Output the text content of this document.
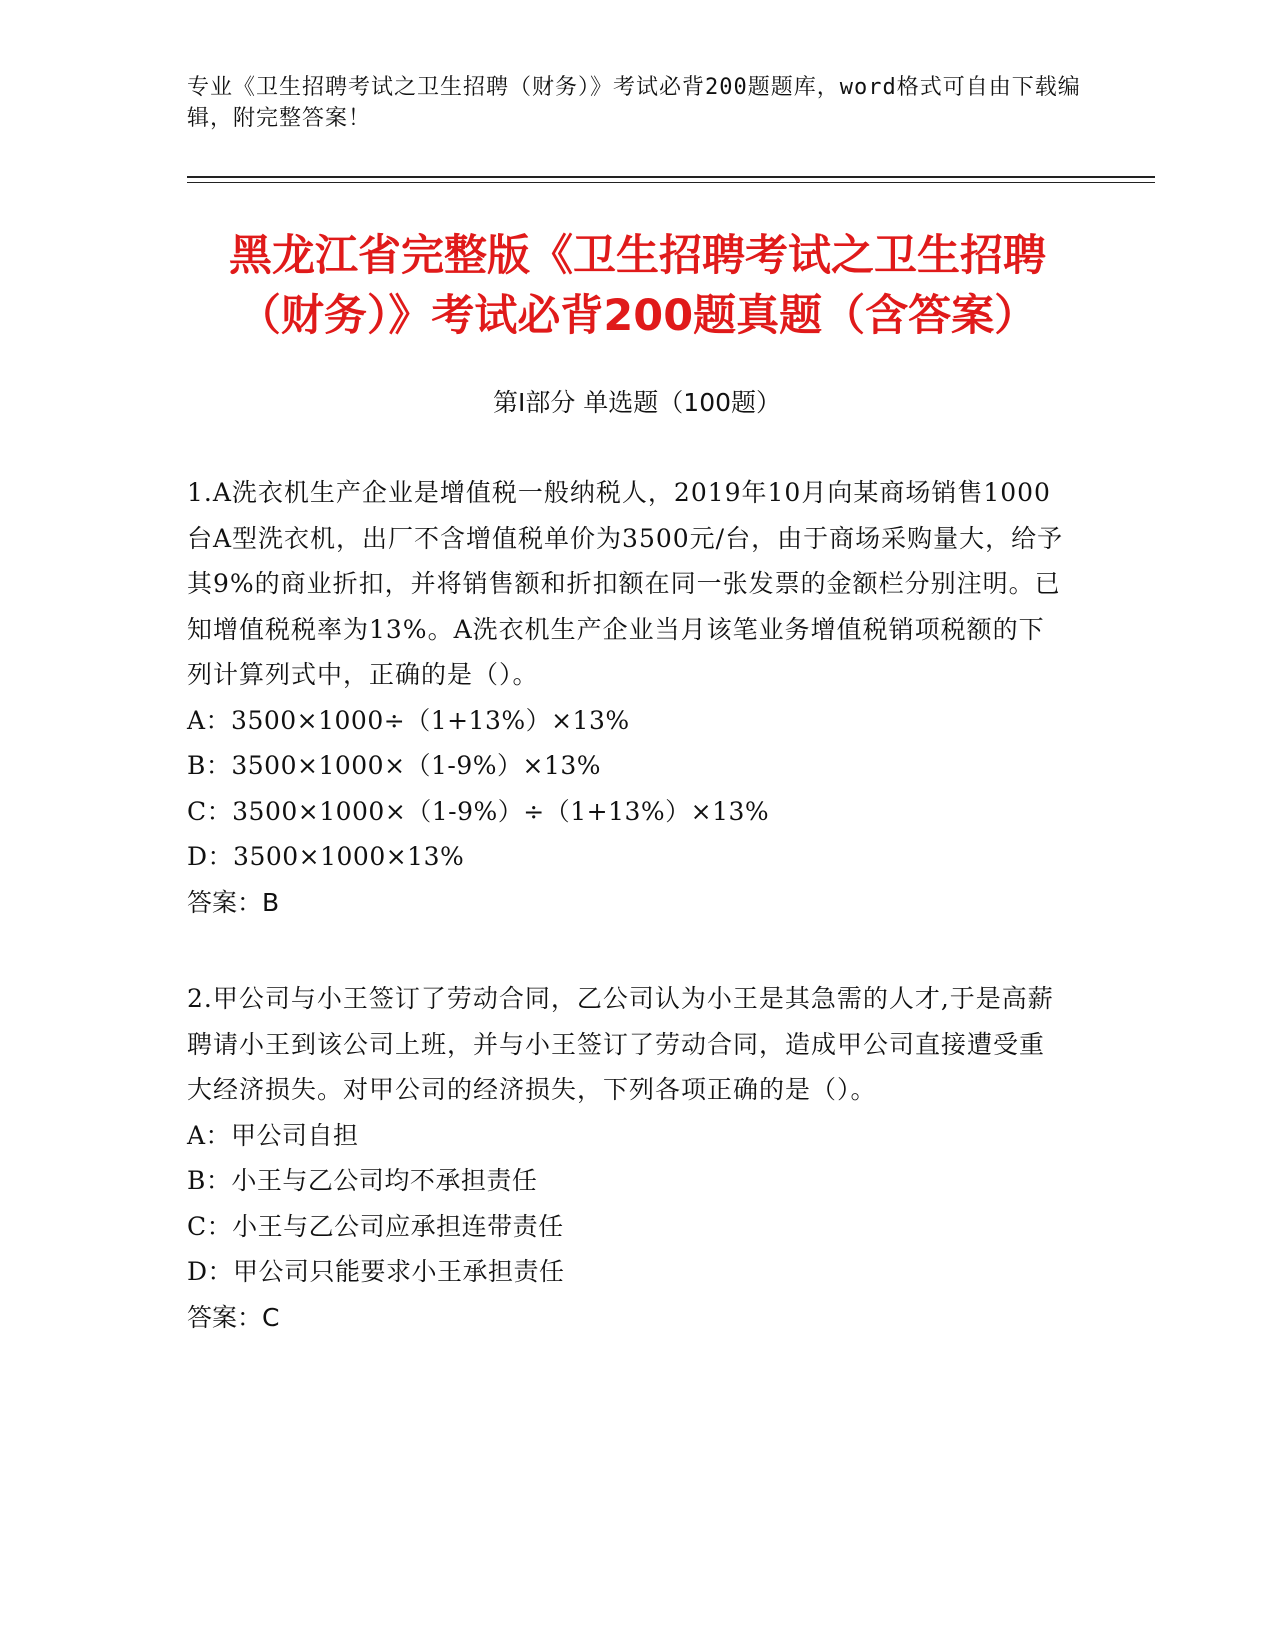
专业《卫生招聘考试之卫生招聘（财务）》考试必背200题题库，word格式可自由下载编辑，附完整答案！
黑龙江省完整版《卫生招聘考试之卫生招聘
（财务）》考试必背200题真题（含答案）
第Ⅰ部分 单选题（100题）

1.A洗衣机生产企业是增值税一般纳税人，2019年10月向某商场销售1000台A型洗衣机，出厂不含增值税单价为3500元/台，由于商场采购量大，给予其9%的商业折扣，并将销售额和折扣额在同一张发票的金额栏分别注明。已知增值税税率为13%。A洗衣机生产企业当月该笔业务增值税销项税额的下列计算列式中，正确的是（）。

A：3500×1000÷（1+13%）×13%

B：3500×1000×（1-9%）×13%

C：3500×1000×（1-9%）÷（1+13%）×13%

D：3500×1000×13%

答案：B

2.甲公司与小王签订了劳动合同，乙公司认为小王是其急需的人才,于是高薪聘请小王到该公司上班，并与小王签订了劳动合同，造成甲公司直接遭受重大经济损失。对甲公司的经济损失，下列各项正确的是（）。

A：甲公司自担

B：小王与乙公司均不承担责任

C：小王与乙公司应承担连带责任

D：甲公司只能要求小王承担责任

答案：C
